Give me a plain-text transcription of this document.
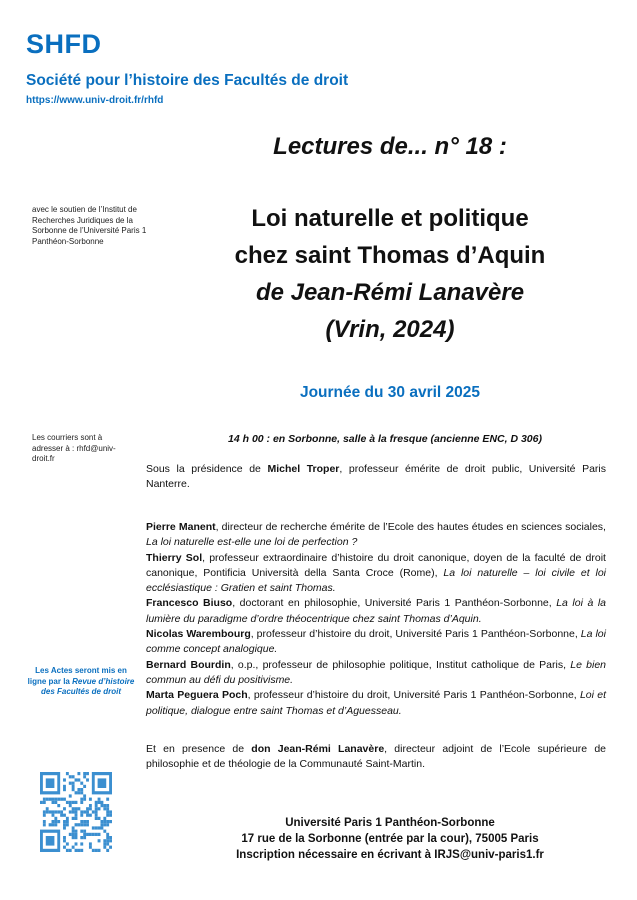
SHFD
Société pour l’histoire des Facultés de droit
https://www.univ-droit.fr/rhfd
Lectures de... n° 18 :
Loi naturelle et politique
chez saint Thomas d’Aquin
de Jean-Rémi Lanavère
(Vrin, 2024)
avec le soutien de l’Institut de Recherches Juridiques de la Sorbonne de l’Université Paris 1 Panthéon-Sorbonne
Journée du 30 avril 2025
Les courriers sont à adresser à : rhfd@univ-droit.fr
14 h 00 : en Sorbonne, salle à la fresque (ancienne ENC, D 306)
Sous la présidence de Michel Troper, professeur émérite de droit public, Université Paris Nanterre.

Pierre Manent, directeur de recherche émérite de l’Ecole des hautes études en sciences sociales, La loi naturelle est-elle une loi de perfection ?

Thierry Sol, professeur extraordinaire d’histoire du droit canonique, doyen de la faculté de droit canonique, Pontificia Università della Santa Croce (Rome), La loi naturelle – loi civile et loi ecclésiastique : Gratien et saint Thomas.

Francesco Biuso, doctorant en philosophie, Université Paris 1 Panthéon-Sorbonne, La loi à la lumière du paradigme d’ordre théocentrique chez saint Thomas d’Aquin.

Nicolas Warembourg, professeur d’histoire du droit, Université Paris 1 Panthéon-Sorbonne, La loi comme concept analogique.

Bernard Bourdin, o.p., professeur de philosophie politique, Institut catholique de Paris, Le bien commun au défi du positivisme.

Marta Peguera Poch, professeur d’histoire du droit, Université Paris 1 Panthéon-Sorbonne, Loi et politique, dialogue entre saint Thomas et d’Aguesseau.

Les Actes seront mis en ligne par la Revue d’histoire des Facultés de droit
Et en presence de don Jean-Rémi Lanavère, directeur adjoint de l’Ecole supérieure de philosophie et de théologie de la Communauté Saint-Martin.
Université Paris 1 Panthéon-Sorbonne
17 rue de la Sorbonne (entrée par la cour), 75005 Paris
Inscription nécessaire en écrivant à IRJS@univ-paris1.fr
